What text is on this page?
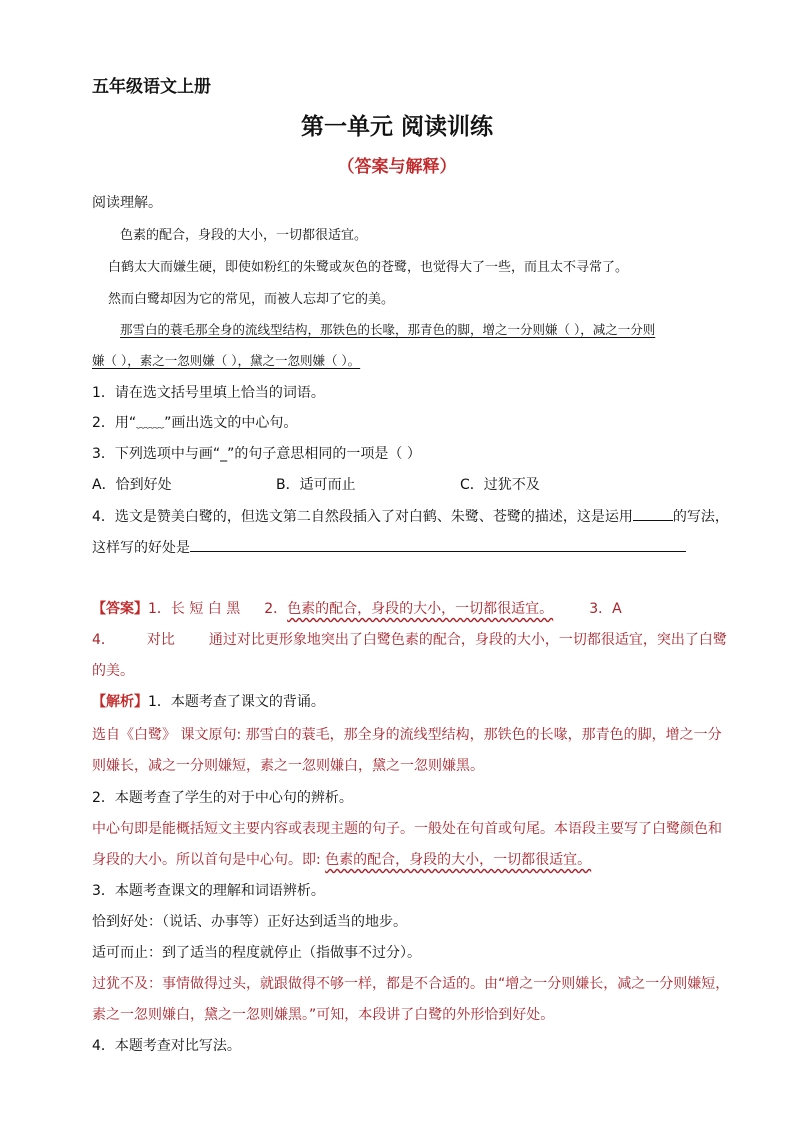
五年级语文上册
第一单元 阅读训练
（答案与解释）
阅读理解。
色素的配合，身段的大小，一切都很适宜。
白鹤太大而嫌生硬，即使如粉红的朱鹭或灰色的苍鹭，也觉得大了一些，而且太不寻常了。
然而白鹭却因为它的常见，而被人忘却了它的美。
那雪白的蓑毛那全身的流线型结构，那铁色的长喙，那青色的脚，增之一分则嫌（ ），减之一分则
嫌（ ），素之一忽则嫌（ ），黛之一忽则嫌（ ）。
1．请在选文括号里填上恰当的词语。
2．用“﹏﹏”画出选文的中心句。
3．下列选项中与画“_”的句子意思相同的一项是（ ）
A．恰到好处	B．适可而止	C．过犹不及
4．选文是赞美白鹭的，但选文第二自然段插入了对白鹤、朱鹭、苍鹭的描述，这是运用	的写法，
这样写的好处是
【答案】1．长 短 白 黑 2．色素的配合，身段的大小，一切都很适宜。	3．A
4． 对比 通过对比更形象地突出了白鹭色素的配合，身段的大小，一切都很适宜，突出了白鹭
的美。
【解析】1．本题考查了课文的背诵。
选自《白鹭》 课文原句: 那雪白的蓑毛，那全身的流线型结构，那铁色的长喙，那青色的脚，增之一分
则嫌长，减之一分则嫌短，素之一忽则嫌白，黛之一忽则嫌黑。
2．本题考查了学生的对于中心句的辨析。
中心句即是能概括短文主要内容或表现主题的句子。一般处在句首或句尾。本语段主要写了白鹭颜色和
身段的大小。所以首句是中心句。即: 色素的配合，身段的大小，一切都很适宜。
3．本题考查课文的理解和词语辨析。
恰到好处：（说话、办事等）正好达到适当的地步。
适可而止：到了适当的程度就停止（指做事不过分）。
过犹不及：事情做得过头，就跟做得不够一样，都是不合适的。由“增之一分则嫌长，减之一分则嫌短，
素之一忽则嫌白，黛之一忽则嫌黑。”可知，本段讲了白鹭的外形恰到好处。
4．本题考查对比写法。
